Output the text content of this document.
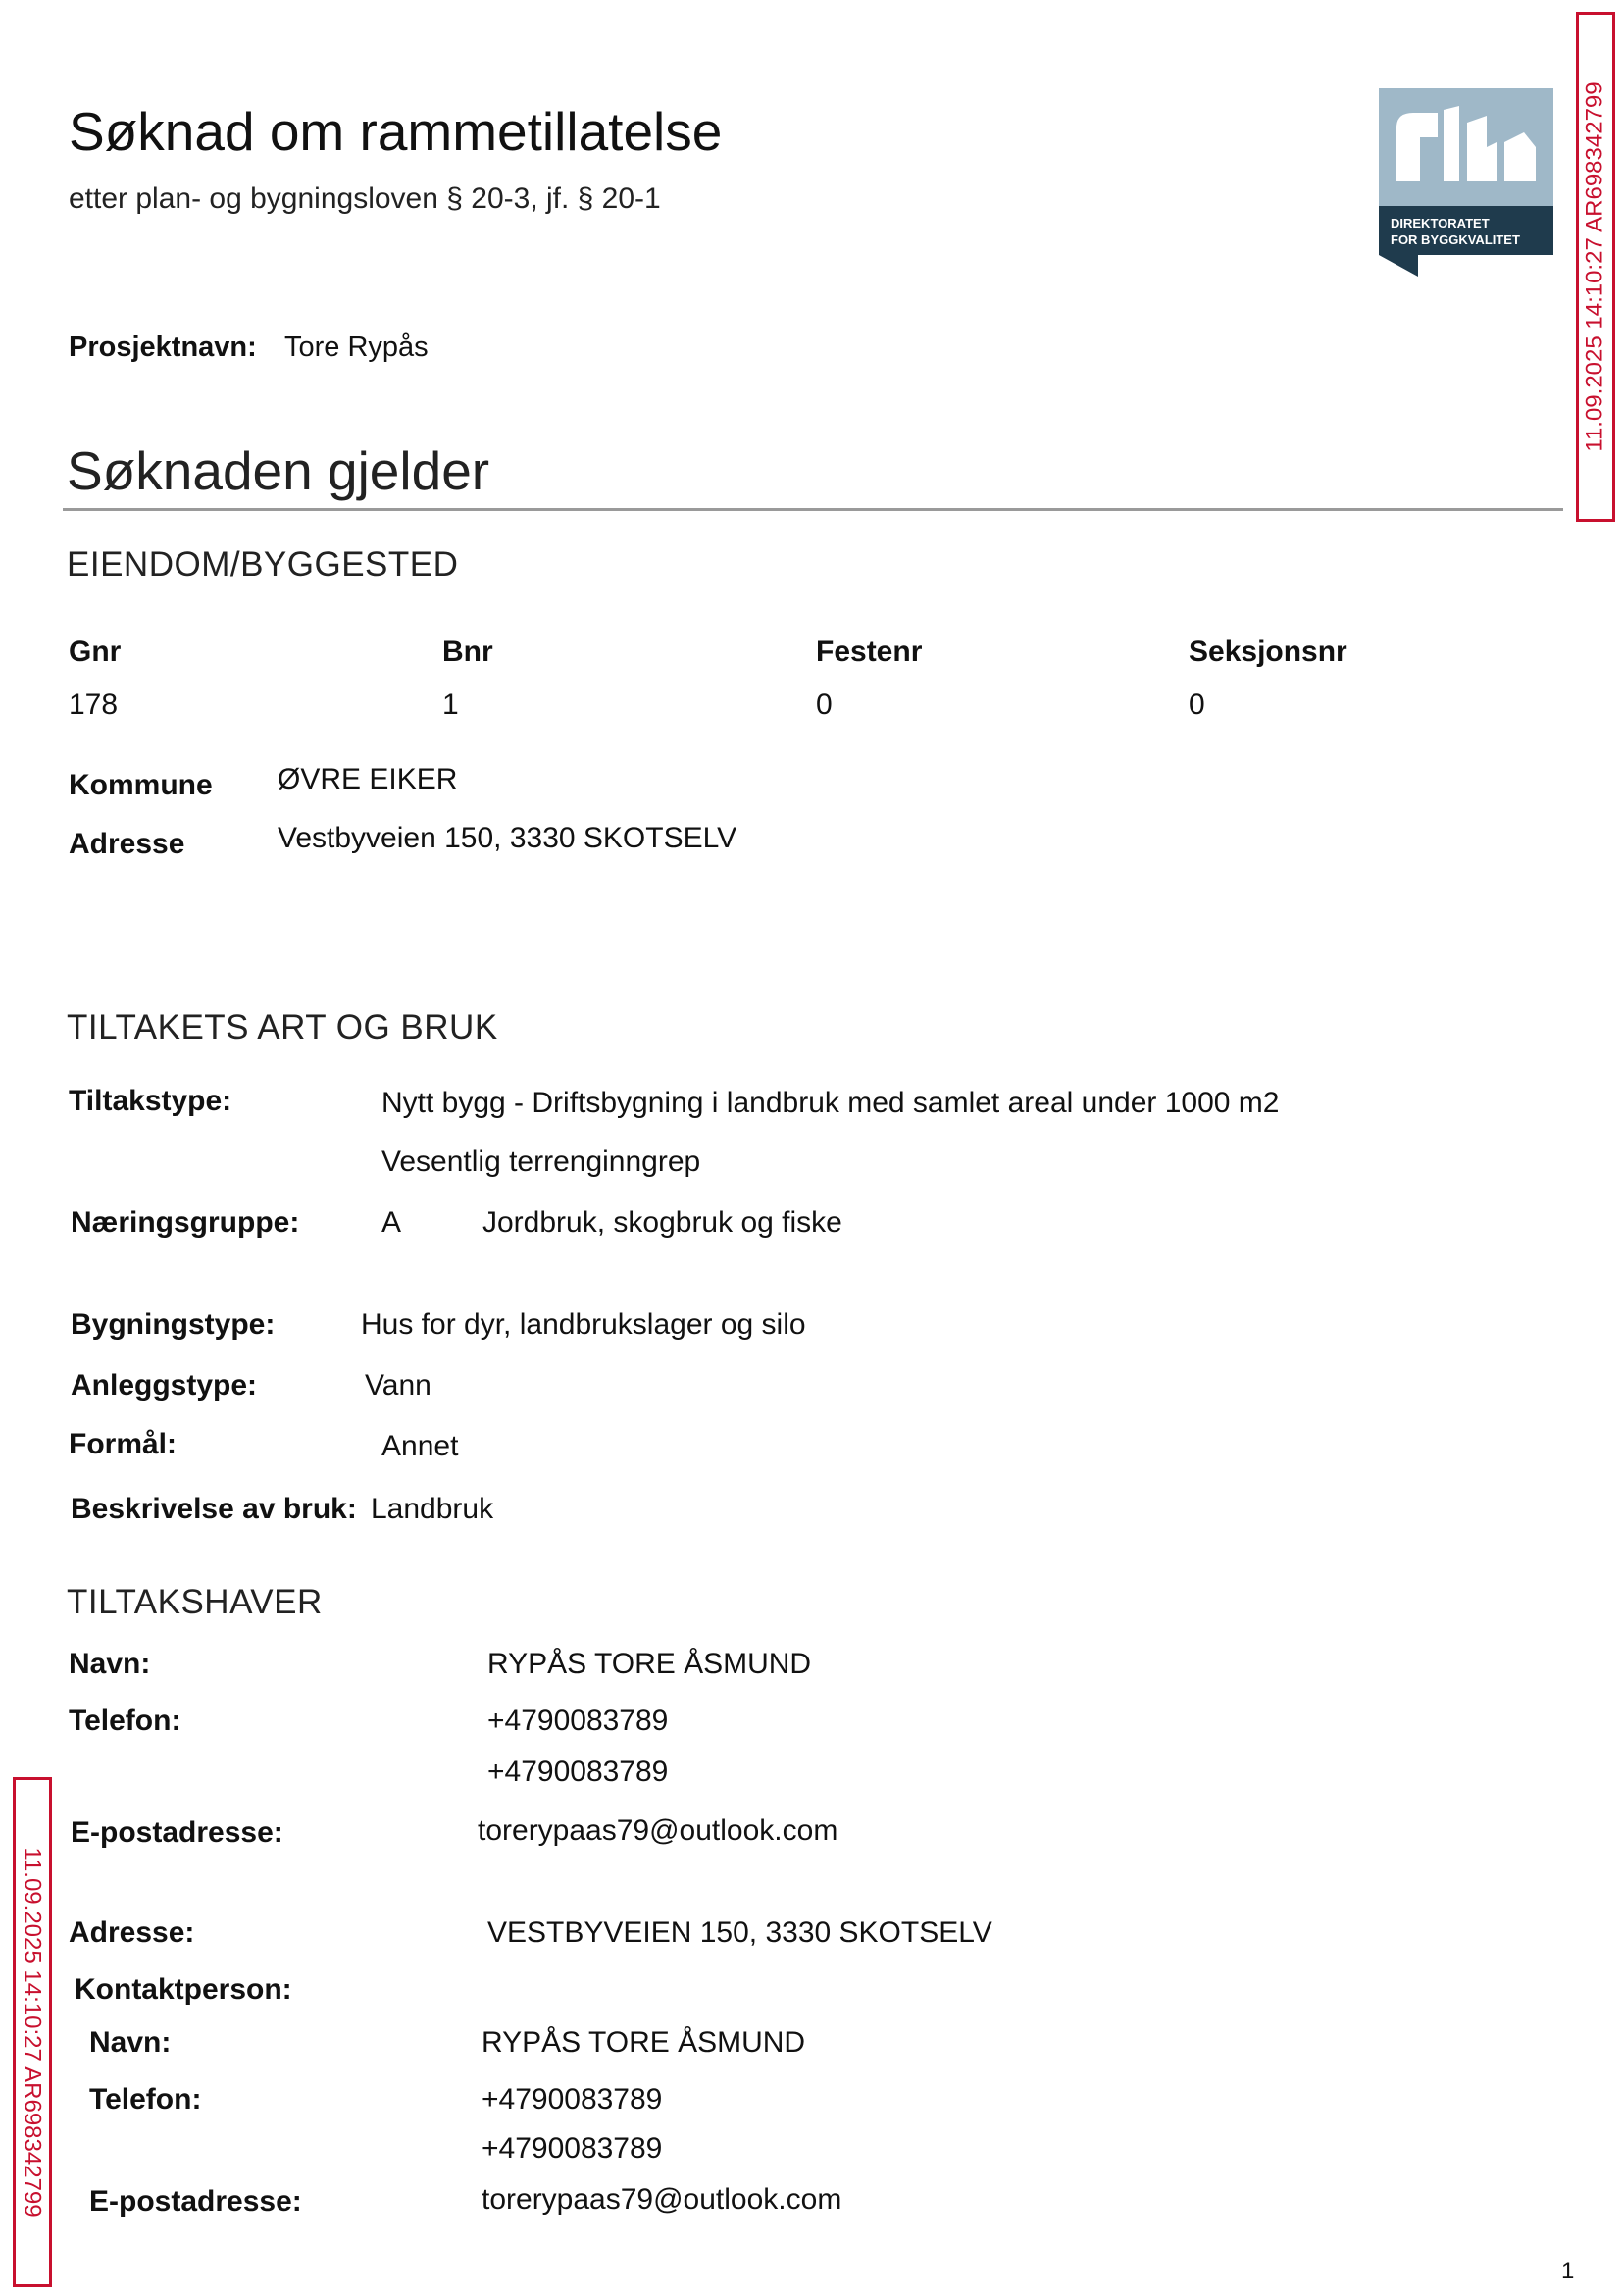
Søknad om rammetillatelse
etter plan- og bygningsloven § 20-3, jf. § 20-1
DIREKTORATET
FOR BYGGKVALITET
Prosjektnavn: Tore Rypås
Søknaden gjelder
EIENDOM/BYGGESTED
Gnr	Bnr	Festenr	Seksjonsnr
178	1	0	0
Kommune ØVRE EIKER
Adresse	Vestbyveien 150, 3330 SKOTSELV
TILTAKETS ART OG BRUK
Tiltakstype:	Nytt bygg - Driftsbygning i landbruk med samlet areal under 1000 m2
Vesentlig terrenginngrep
Næringsgruppe:	A	Jordbruk, skogbruk og fiske
Bygningstype:	Hus for dyr, landbrukslager og silo
Anleggstype:	Vann
Formål:	Annet
Beskrivelse av bruk: Landbruk
TILTAKSHAVER
Navn:	RYPÅS TORE ÅSMUND
Telefon:	+4790083789
+4790083789
E-postadresse:	torerypaas79@outlook.com
Adresse:	VESTBYVEIEN 150, 3330 SKOTSELV
Kontaktperson:
Navn:	RYPÅS TORE ÅSMUND
Telefon:	+4790083789
+4790083789
E-postadresse:	torerypaas79@outlook.com
11.09.2025 14:10:27 AR698342799
11.09.2025 14:10:27 AR698342799
1
